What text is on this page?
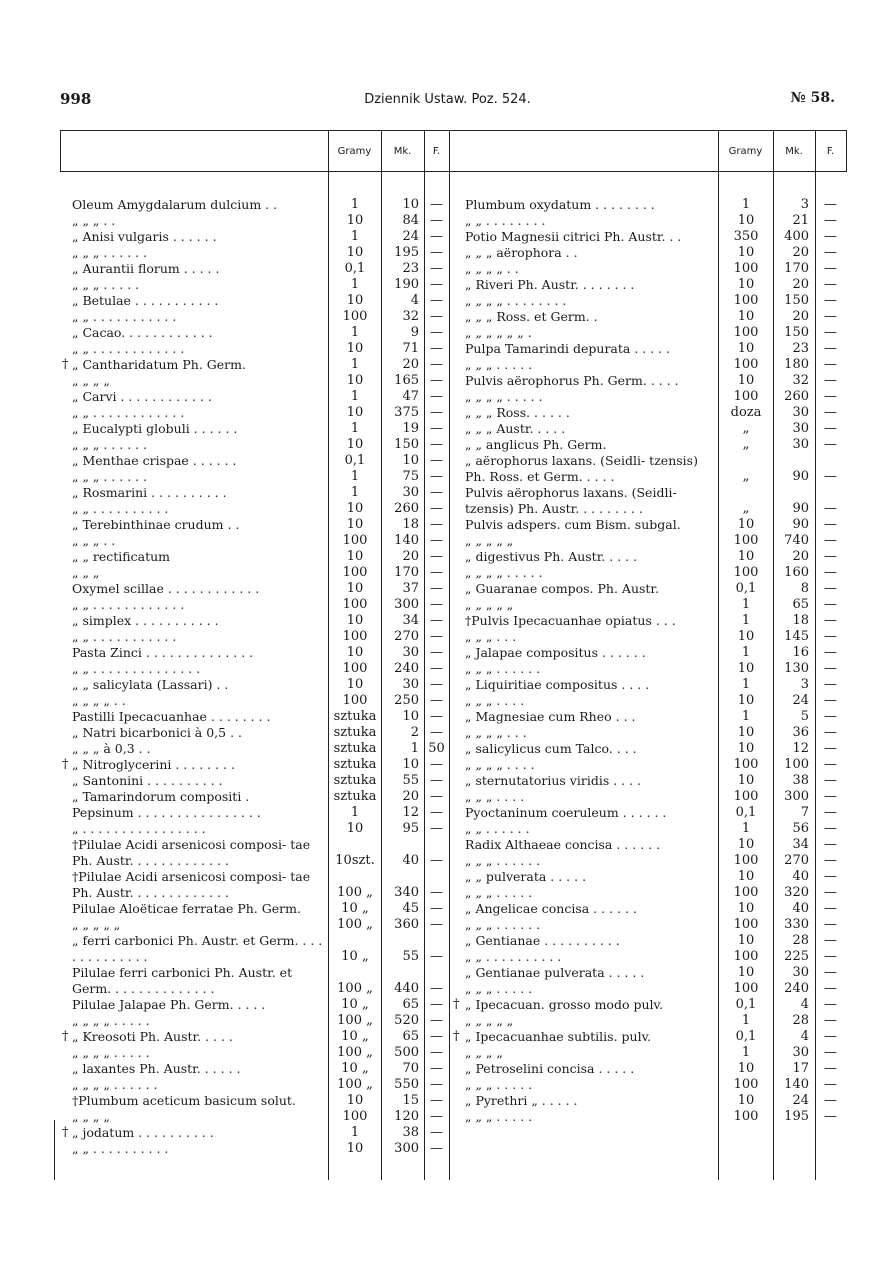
998	Dziennik Ustaw. Poz. 524.	№ 58.
Gramy	Mk.	F.	Gramy	Mk.	F.
Oleum Amygdalarum dulcium . .	1	10 —
„ „ „ . .	10	84 —
„ Anisi vulgaris . . . . . .	1	24 —
„ „ „ . . . . . .	10	195 —
„ Aurantii florum . . . . .	0,1	23 —
„ „ „ . . . . .	1	190 —
„ Betulae . . . . . . . . . . .	10	4 —
„ „ . . . . . . . . . . .	100	32 —
„ Cacao. . . . . . . . . . . .	1	9 —
„ „ . . . . . . . . . . . .	10	71 —
† „ Cantharidatum Ph. Germ.	1	20 —
„ „ „ „	10	165 —
„ Carvi . . . . . . . . . . . .	1	47 —
„ „ . . . . . . . . . . . .	10	375 —
„ Eucalypti globuli . . . . . .	1	19 —
„ „ „ . . . . . .	10	150 —
„ Menthae crispae . . . . . .	0,1	10 —
„ „ „ . . . . . .	1	75 —
„ Rosmarini . . . . . . . . . .	1	30 —
„ „ . . . . . . . . . .	10	260 —
„ Terebinthinae crudum . .	10	18 —
„ „ „ . .	100	140 —
„ „ rectificatum	10	20 —
„ „ „	100	170 —
Oxymel scillae . . . . . . . . . . . .	10	37 —
„ „ . . . . . . . . . . . .	100	300 —
„ simplex . . . . . . . . . . .	10	34 —
„ „ . . . . . . . . . . .	100	270 —
Pasta Zinci . . . . . . . . . . . . . .	10	30 —
„ „ . . . . . . . . . . . . . .	100	240 —
„ „ salicylata (Lassari) . .	10	30 —
„ „ „ „ . .	100	250 —
Pastilli Ipecacuanhae . . . . . . . .	sztuka	10 —
„ Natri bicarbonici à 0,5 . .	sztuka	2 —
„ „ „ à 0,3 . .	sztuka	1 50
† „ Nitroglycerini . . . . . . . .	sztuka	10 —
„ Santonini . . . . . . . . . .	sztuka	55 —
„ Tamarindorum compositi .	sztuka	20 —
Pepsinum . . . . . . . . . . . . . . . .	1	12 —
„ . . . . . . . . . . . . . . . .	10	95 —
†Pilulae Acidi arsenicosi composi- tae Ph. Austr. . . . . . . . . . . . .	10szt.	40 —
†Pilulae Acidi arsenicosi composi- tae Ph. Austr. . . . . . . . . . . . .	100 „	340 —
Pilulae Aloëticae ferratae Ph. Germ.	10 „	45 —
„ „ „ „ „	100 „	360 —
„ ferri carbonici Ph. Austr. et Germ. . . . . . . . . . . . . .	10 „	55 —
Pilulae ferri carbonici Ph. Austr. et Germ. . . . . . . . . . . . . .	100 „	440 —
Pilulae Jalapae Ph. Germ. . . . .	10 „	65 —
„ „ „ „ . . . . .	100 „	520 —
† „ Kreosoti Ph. Austr. . . . .	10 „	65 —
„ „ „ „ . . . . .	100 „	500 —
„ laxantes Ph. Austr. . . . . .	10 „	70 —
„ „ „ „ . . . . . .	100 „	550 —
†Plumbum aceticum basicum solut.	10	15 —
„ „ „ „	100	120 —
† „ jodatum . . . . . . . . . .	1	38 —
„ „ . . . . . . . . . .	10	300 —
Plumbum oxydatum . . . . . . . .	1	3	—
„ „ . . . . . . . .	10	21	—
Potio Magnesii citrici Ph. Austr. . .	350	400	—
„ „ „ aërophora . .	10	20	—
„ „ „ „ . .	100	170	—
„ Riveri Ph. Austr. . . . . . . .	10	20	—
„ „ „ „ . . . . . . . .	100	150	—
„ „ „ Ross. et Germ. .	10	20	—
„ „ „ „ „ „ .	100	150	—
Pulpa Tamarindi depurata . . . . .	10	23	—
„ „ „ . . . . .	100	180	—
Pulvis aërophorus Ph. Germ. . . . .	10	32	—
„ „ „ „ . . . . .	100	260	—
„ „ „ Ross. . . . . .	doza	30	—
„ „ „ Austr. . . . .	„	30	—
„ „ anglicus Ph. Germ.	„	30	—
„ aërophorus laxans. (Seidli- tzensis) Ph. Ross. et Germ. . . . .	„	90	—
Pulvis aërophorus laxans. (Seidli- tzensis) Ph. Austr. . . . . . . . .	„	90	—
Pulvis adspers. cum Bism. subgal.	10	90	—
„ „ „ „ „	100	740	—
„ digestivus Ph. Austr. . . . .	10	20	—
„ „ „ „ . . . . .	100	160	—
„ Guaranae compos. Ph. Austr.	0,1	8	—
„ „ „ „ „	1	65	—
†Pulvis Ipecacuanhae opiatus . . .	1	18	—
„ „ „ . . .	10	145	—
„ Jalapae compositus . . . . . .	1	16	—
„ „ „ . . . . . .	10	130	—
„ Liquiritiae compositus . . . .	1	3	—
„ „ „ . . . .	10	24	—
„ Magnesiae cum Rheo . . .	1	5	—
„ „ „ „ . . .	10	36	—
„ salicylicus cum Talco. . . .	10	12	—
„ „ „ „ . . . .	100	100	—
„ sternutatorius viridis . . . .	10	38	—
„ „ „ . . . .	100	300	—
Pyoctaninum coeruleum . . . . . .	0,1	7	—
„ „ . . . . . .	1	56	—
Radix Althaeae concisa . . . . . .	10	34	—
„ „ „ . . . . . .	100	270	—
„ „ pulverata . . . . .	10	40	—
„ „ „ . . . . .	100	320	—
„ Angelicae concisa . . . . . .	10	40	—
„ „ „ . . . . . .	100	330	—
„ Gentianae . . . . . . . . . .	10	28	—
„ „ . . . . . . . . . .	100	225	—
„ Gentianae pulverata . . . . .	10	30	—
„ „ „ . . . . .	100	240	—
† „ Ipecacuan. grosso modo pulv.	0,1	4	—
„ „ „ „ „	1	28	—
† „ Ipecacuanhae subtilis. pulv.	0,1	4	—
„ „ „ „	1	30	—
„ Petroselini concisa . . . . .	10	17	—
„ „ „ . . . . .	100	140	—
„ Pyrethri „ . . . . .	10	24	—
„ „ „ . . . . .	100	195	—
